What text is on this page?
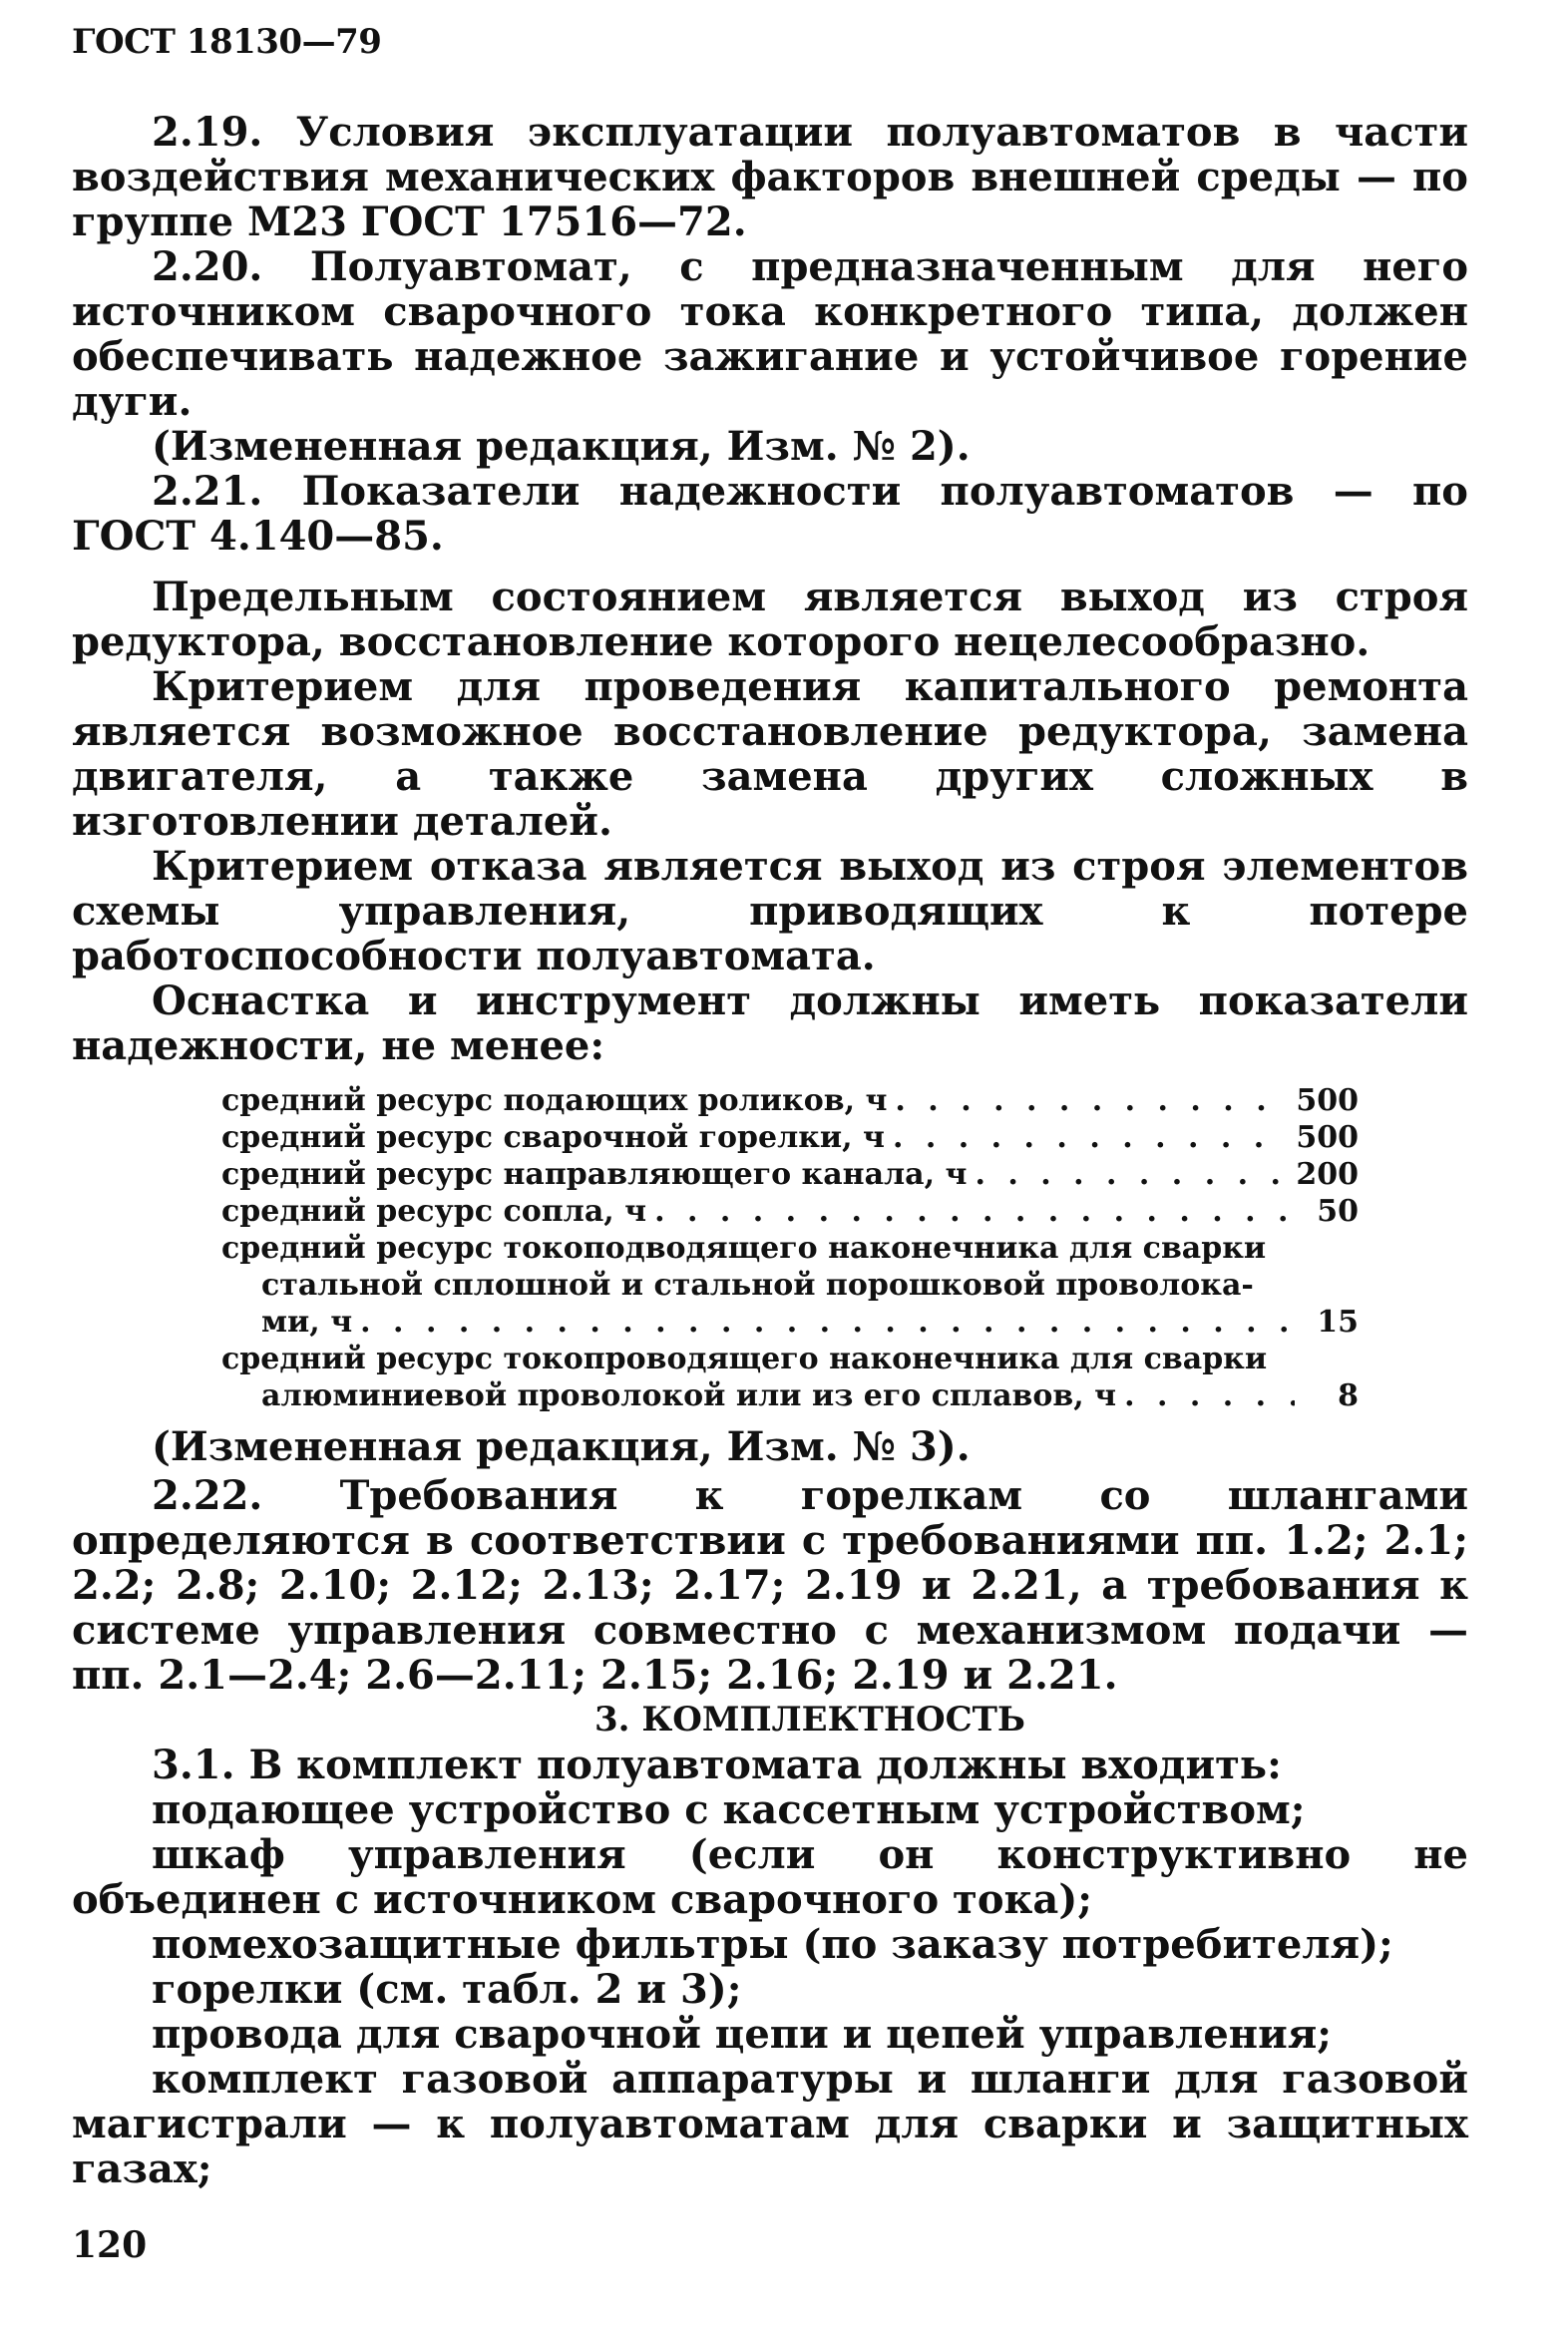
ГОСТ 18130—79

2.19. Условия эксплуатации полуавтоматов в части воздействия механических факторов внешней среды — по группе М23 ГОСТ 17516—72.

2.20. Полуавтомат, с предназначенным для него источником сварочного тока конкретного типа, должен обеспечивать надежное зажигание и устойчивое горение дуги.

(Измененная редакция, Изм. № 2).

2.21. Показатели надежности полуавтоматов — по ГОСТ 4.140—85.

Предельным состоянием является выход из строя редуктора, восстановление которого нецелесообразно.

Критерием для проведения капитального ремонта является возможное восстановление редуктора, замена двигателя, а также замена других сложных в изготовлении деталей.

Критерием отказа является выход из строя элементов схемы управления, приводящих к потере работоспособности полуавтомата.

Оснастка и инструмент должны иметь показатели надежности, не менее:

средний ресурс подающих роликов, ч . . .	500
средний ресурс сварочной горелки, ч . . .	500
средний ресурс направляющего канала, ч . . .	200
средний ресурс сопла, ч . . .	50
средний ресурс токоподводящего наконечника для сварки
стальной сплошной и стальной порошковой проволока-
ми, ч . . .	15
средний ресурс токопроводящего наконечника для сварки
алюминиевой проволокой или из его сплавов, ч . . .	8

(Измененная редакция, Изм. № 3).

2.22. Требования к горелкам со шлангами определяются в соответствии с требованиями пп. 1.2; 2.1; 2.2; 2.8; 2.10; 2.12; 2.13; 2.17; 2.19 и 2.21, а требования к системе управления совместно с механизмом подачи — пп. 2.1—2.4; 2.6—2.11; 2.15; 2.16; 2.19 и 2.21.

3. КОМПЛЕКТНОСТЬ

3.1. В комплект полуавтомата должны входить:

подающее устройство с кассетным устройством;

шкаф управления (если он конструктивно не объединен с источником сварочного тока);

помехозащитные фильтры (по заказу потребителя);

горелки (см. табл. 2 и 3);

провода для сварочной цепи и цепей управления;

комплект газовой аппаратуры и шланги для газовой магистрали — к полуавтоматам для сварки и защитных газах;

120
